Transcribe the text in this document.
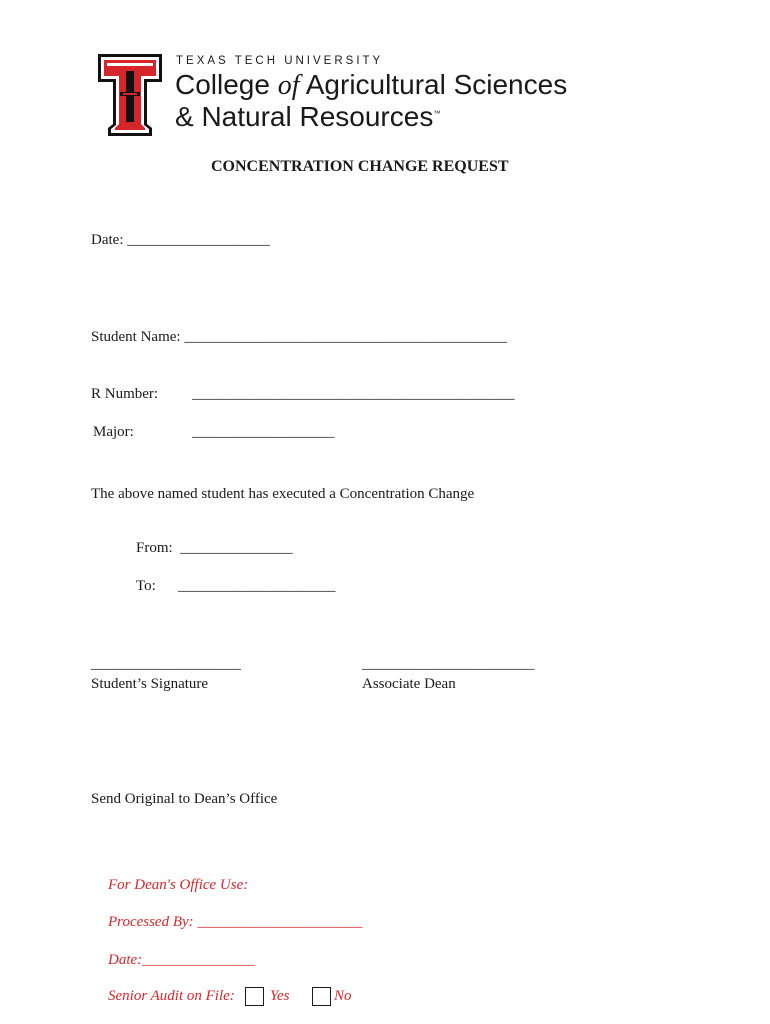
TEXAS TECH UNIVERSITY
College of Agricultural Sciences
& Natural Resources™
CONCENTRATION CHANGE REQUEST
Date: ___________________
Student Name: ___________________________________________
R Number: ___________________________________________
Major:	___________________
The above named student has executed a Concentration Change
From:  _______________
To: _____________________
____________________	_______________________
Student’s Signature	Associate Dean
Send Original to Dean’s Office
For Dean's Office Use:
Processed By: ______________________
Date:_______________
Senior Audit on File: Yes	No
